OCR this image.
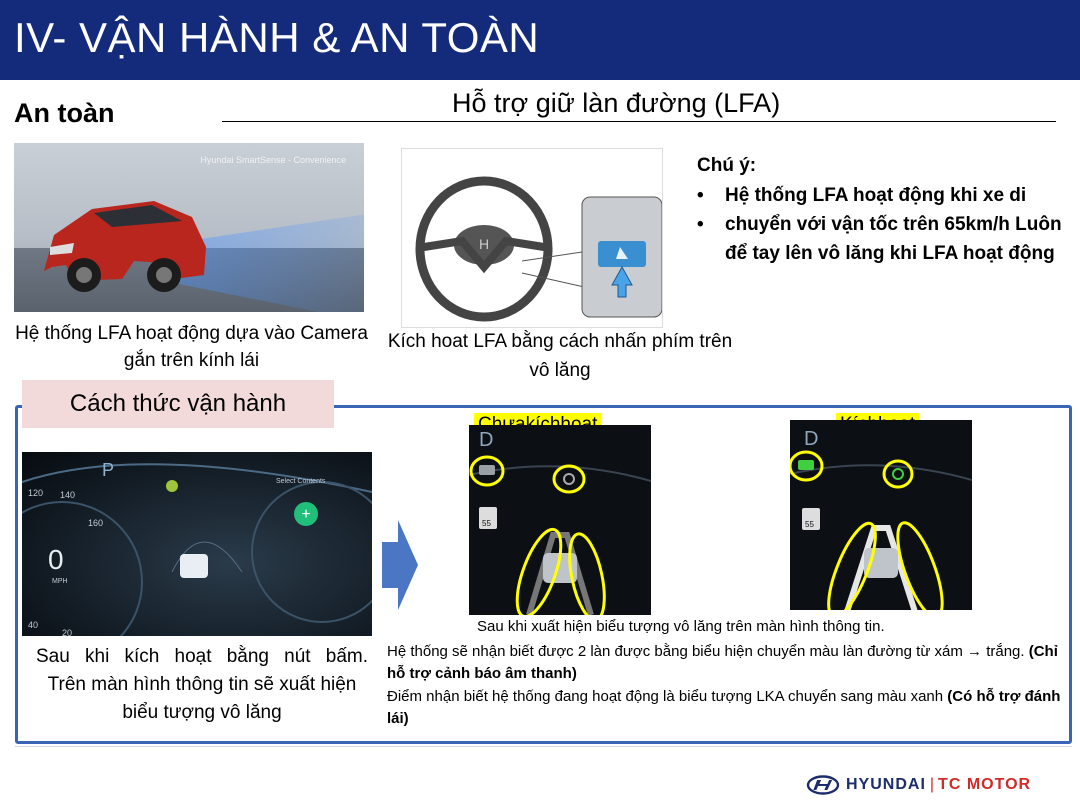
IV- VẬN HÀNH & AN TOÀN
An toàn	Hỗ trợ giữ làn đường (LFA)
Hyundai SmartSense - Convenience
Hệ thống LFA hoạt động dựa vào Camera gắn trên kính lái
H
Kích hoat LFA bằng cách nhấn phím trên vô lăng
Chú ý:
• Hệ thống LFA hoạt động khi xe di
• chuyển với vận tốc trên 65km/h Luôn để tay lên vô lăng khi LFA hoạt động
Cách thức vận hành
+
P
0
MPH
120 140
160
40
20
Select Contents
D
55
D
55
Sau khi kích hoạt bằng nút bấm.
Trên màn hình thông tin sẽ xuất hiện biểu tượng vô lăng
Sau khi xuất hiện biểu tượng vô lăng trên màn hình thông tin.
Hệ thống sẽ nhận biết được 2 làn được bằng biểu hiện chuyển màu làn đường từ xám → trắng. (Chỉ hỗ trợ cảnh báo âm thanh)
Điểm nhận biết hệ thống đang hoạt động là biểu tượng LKA chuyển sang màu xanh (Có hỗ trợ đánh lái)
HYUNDAI | TC MOTOR
